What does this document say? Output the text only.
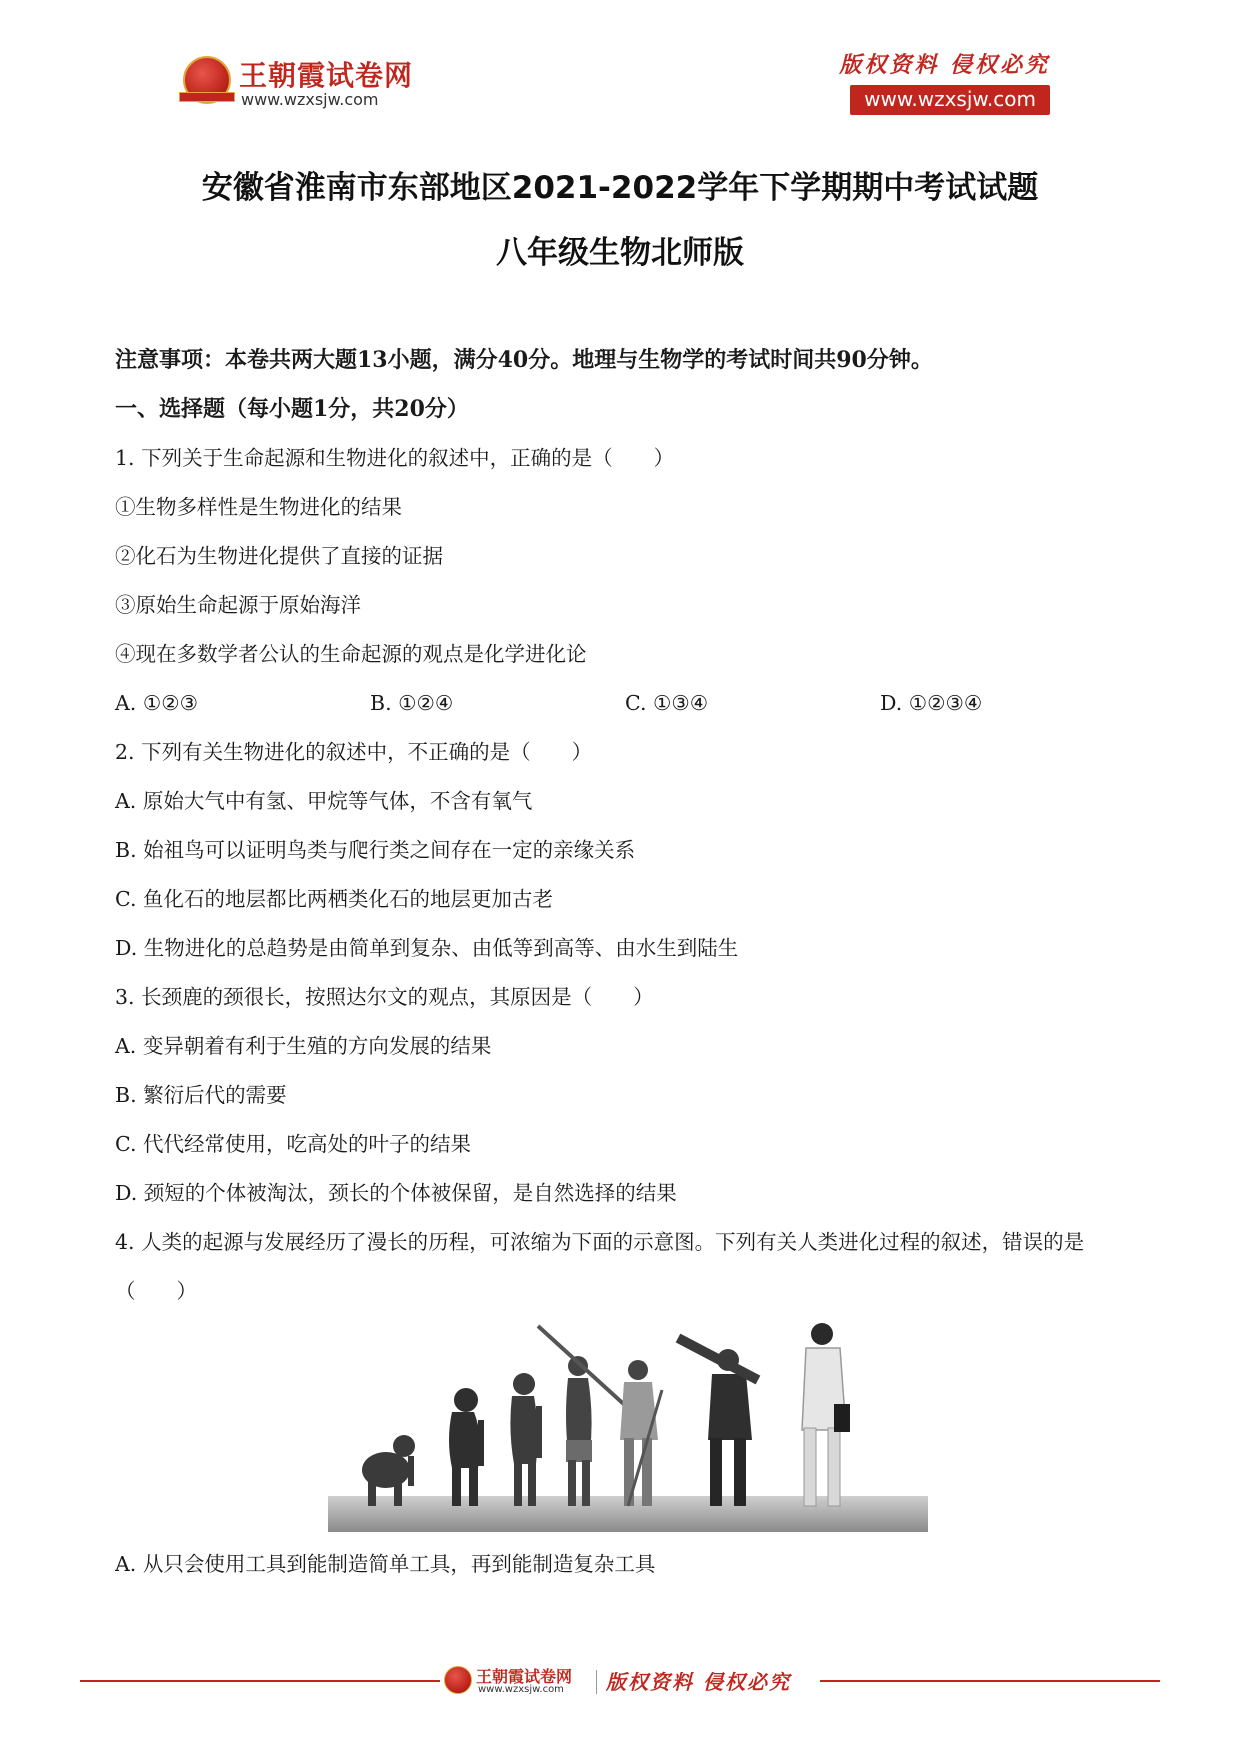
王朝霞试卷网
www.wzxsjw.com
版权资料 侵权必究
www.wzxsjw.com
安徽省淮南市东部地区2021-2022学年下学期期中考试试题
八年级生物北师版
注意事项：本卷共两大题13小题，满分40分。地理与生物学的考试时间共90分钟。
一、选择题（每小题1分，共20分）
1. 下列关于生命起源和生物进化的叙述中，正确的是（　　）
①生物多样性是生物进化的结果
②化石为生物进化提供了直接的证据
③原始生命起源于原始海洋
④现在多数学者公认的生命起源的观点是化学进化论
A. ①②③	B. ①②④	C. ①③④	D. ①②③④
2. 下列有关生物进化的叙述中，不正确的是（　　）
A. 原始大气中有氢、甲烷等气体，不含有氧气
B. 始祖鸟可以证明鸟类与爬行类之间存在一定的亲缘关系
C. 鱼化石的地层都比两栖类化石的地层更加古老
D. 生物进化的总趋势是由简单到复杂、由低等到高等、由水生到陆生
3. 长颈鹿的颈很长，按照达尔文的观点，其原因是（　　）
A. 变异朝着有利于生殖的方向发展的结果
B. 繁衍后代的需要
C. 代代经常使用，吃高处的叶子的结果
D. 颈短的个体被淘汰，颈长的个体被保留，是自然选择的结果
4. 人类的起源与发展经历了漫长的历程，可浓缩为下面的示意图。下列有关人类进化过程的叙述，错误的是（　　）
A. 从只会使用工具到能制造简单工具，再到能制造复杂工具
王朝霞试卷网
www.wzxsjw.com 版权资料 侵权必究
